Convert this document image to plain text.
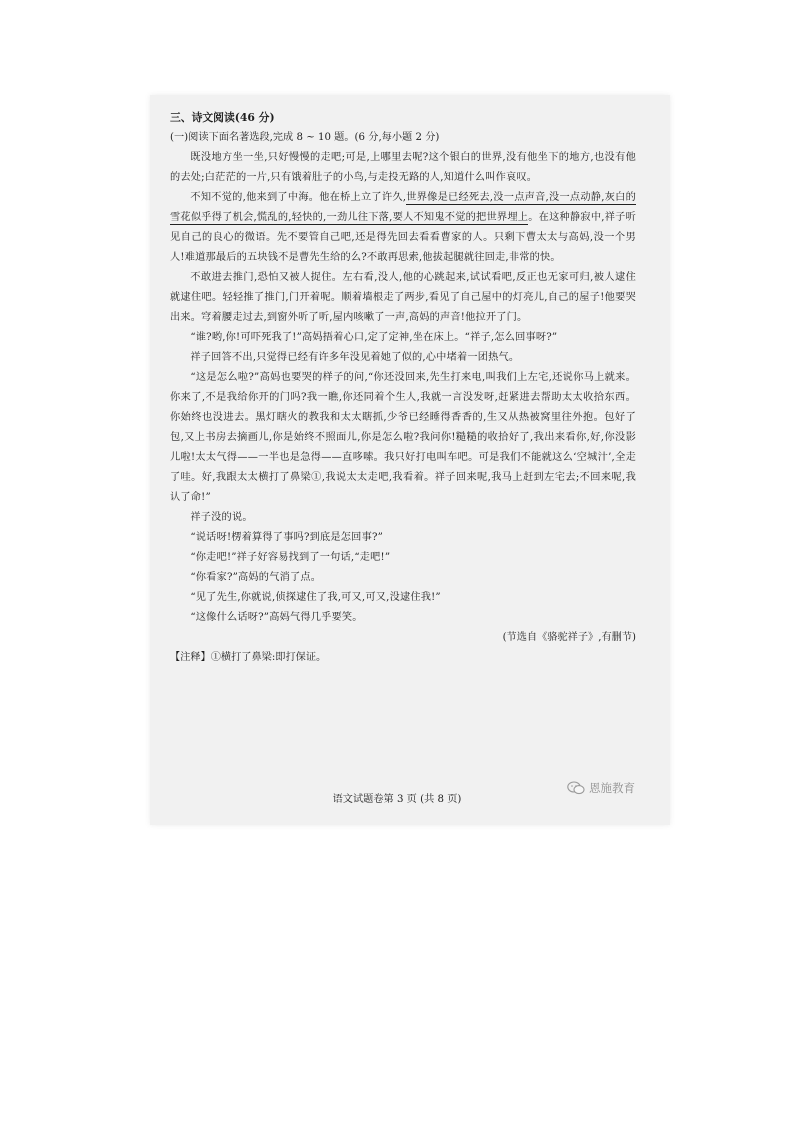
三、诗文阅读(46 分)

(一)阅读下面名著选段,完成 8 ~ 10 题。(6 分,每小题 2 分)

既没地方坐一坐,只好慢慢的走吧;可是,上哪里去呢?这个银白的世界,没有他坐下的地方,也没有他的去处;白茫茫的一片,只有饿着肚子的小鸟,与走投无路的人,知道什么叫作哀叹。

不知不觉的,他来到了中海。他在桥上立了许久,世界像是已经死去,没一点声音,没一点动静,灰白的雪花似乎得了机会,慌乱的,轻快的,一劲儿往下落,要人不知鬼不觉的把世界埋上。在这种静寂中,祥子听见自己的良心的微语。先不要管自己吧,还是得先回去看看曹家的人。只剩下曹太太与高妈,没一个男人!难道那最后的五块钱不是曹先生给的么?不敢再思索,他拔起腿就往回走,非常的快。

不敢进去推门,恐怕又被人捉住。左右看,没人,他的心跳起来,试试看吧,反正也无家可归,被人逮住就逮住吧。轻轻推了推门,门开着呢。顺着墙根走了两步,看见了自己屋中的灯亮儿,自己的屋子!他要哭出来。穹着腰走过去,到窗外听了听,屋内咳嗽了一声,高妈的声音!他拉开了门。

“谁?哟,你!可吓死我了!”高妈捂着心口,定了定神,坐在床上。“祥子,怎么回事呀?”

祥子回答不出,只觉得已经有许多年没见着她了似的,心中堵着一团热气。

“这是怎么啦?”高妈也要哭的样子的问,“你还没回来,先生打来电,叫我们上左宅,还说你马上就来。你来了,不是我给你开的门吗?我一瞧,你还同着个生人,我就一言没发呀,赶紧进去帮助太太收拾东西。你始终也没进去。黑灯瞎火的教我和太太瞎抓,少爷已经睡得香香的,生又从热被窝里往外抱。包好了包,又上书房去摘画儿,你是始终不照面儿,你是怎么啦?我问你!糙糙的收拾好了,我出来看你,好,你没影儿啦!太太气得——一半也是急得——直哆嗦。我只好打电叫车吧。可是我们不能就这么‘空城汁’,全走了哇。好,我跟太太横打了鼻梁①,我说太太走吧,我看着。祥子回来呢,我马上赶到左宅去;不回来呢,我认了命!”

祥子没的说。

“说话呀!楞着算得了事吗?到底是怎回事?”

“你走吧!”祥子好容易找到了一句话,“走吧!”

“你看家?”高妈的气消了点。

“见了先生,你就说,侦探逮住了我,可又,可又,没逮住我!”

“这像什么话呀?”高妈气得几乎要笑。

(节选自《骆驼祥子》,有删节)

【注释】①横打了鼻梁:即打保证。

语文试题卷第 3 页 (共 8 页)
恩施教育
